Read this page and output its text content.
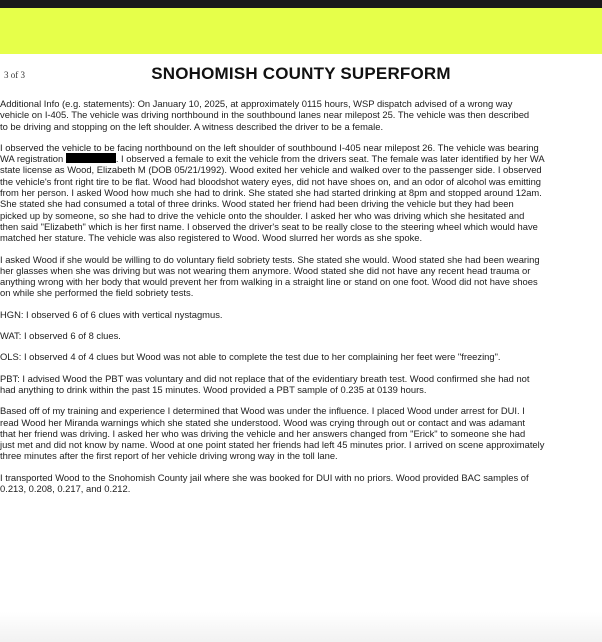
3 of 3	SNOHOMISH COUNTY SUPERFORM
Additional Info (e.g. statements): On January 10, 2025, at approximately 0115 hours, WSP dispatch advised of a wrong way
vehicle on I-405. The vehicle was driving northbound in the southbound lanes near milepost 25. The vehicle was then described
to be driving and stopping on the left shoulder. A witness described the driver to be a female.
I observed the vehicle to be facing northbound on the left shoulder of southbound I-405 near milepost 26. The vehicle was bearing
WA registration	. I observed a female to exit the vehicle from the drivers seat. The female was later identified by her WA
state license as Wood, Elizabeth M (DOB 05/21/1992). Wood exited her vehicle and walked over to the passenger side. I observed
the vehicle's front right tire to be flat. Wood had bloodshot watery eyes, did not have shoes on, and an odor of alcohol was emitting
from her person. I asked Wood how much she had to drink. She stated she had started drinking at 8pm and stopped around 12am.
She stated she had consumed a total of three drinks. Wood stated her friend had been driving the vehicle but they had been
picked up by someone, so she had to drive the vehicle onto the shoulder. I asked her who was driving which she hesitated and
then said "Elizabeth" which is her first name. I observed the driver's seat to be really close to the steering wheel which would have
matched her stature. The vehicle was also registered to Wood. Wood slurred her words as she spoke.
I asked Wood if she would be willing to do voluntary field sobriety tests. She stated she would. Wood stated she had been wearing
her glasses when she was driving but was not wearing them anymore. Wood stated she did not have any recent head trauma or
anything wrong with her body that would prevent her from walking in a straight line or stand on one foot. Wood did not have shoes
on while she performed the field sobriety tests.
HGN: I observed 6 of 6 clues with vertical nystagmus.
WAT: I observed 6 of 8 clues.
OLS: I observed 4 of 4 clues but Wood was not able to complete the test due to her complaining her feet were "freezing".
PBT: I advised Wood the PBT was voluntary and did not replace that of the evidentiary breath test. Wood confirmed she had not
had anything to drink within the past 15 minutes. Wood provided a PBT sample of 0.235 at 0139 hours.
Based off of my training and experience I determined that Wood was under the influence. I placed Wood under arrest for DUI. I
read Wood her Miranda warnings which she stated she understood. Wood was crying through out or contact and was adamant
that her friend was driving. I asked her who was driving the vehicle and her answers changed from "Erick" to someone she had
just met and did not know by name. Wood at one point stated her friends had left 45 minutes prior. I arrived on scene approximately
three minutes after the first report of her vehicle driving wrong way in the toll lane.
I transported Wood to the Snohomish County jail where she was booked for DUI with no priors. Wood provided BAC samples of
0.213, 0.208, 0.217, and 0.212.
